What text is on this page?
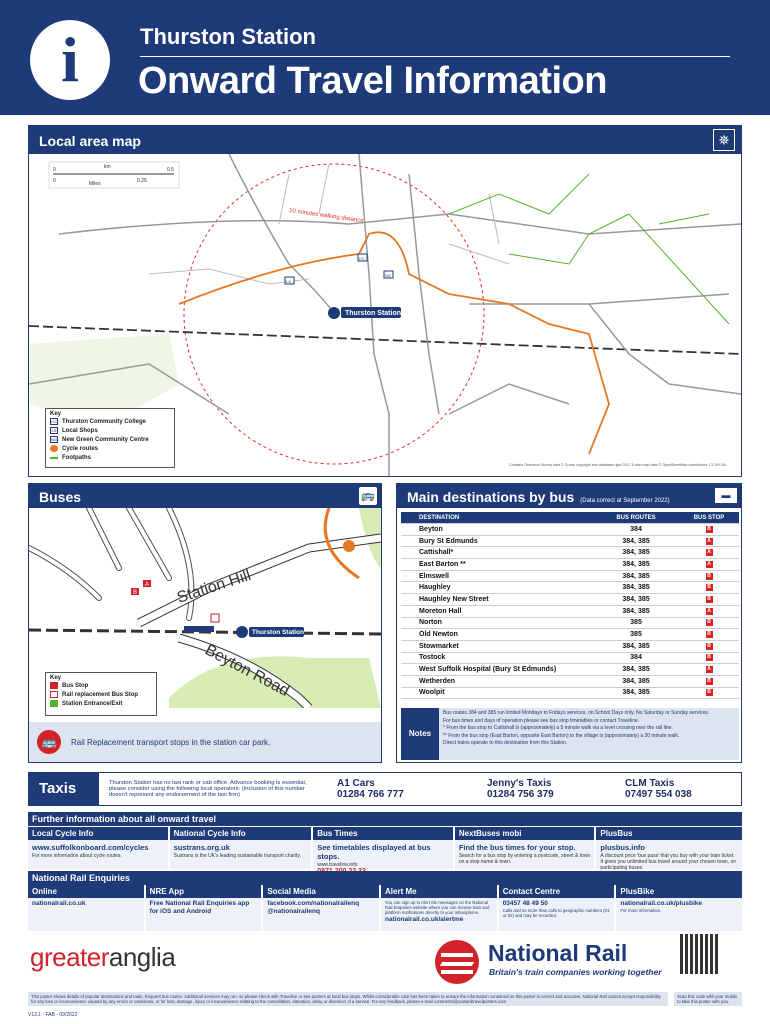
i	Thurston Station
Onward Travel Information
Local area map	✵
CC
NG
LS
Thurston Station
10 minutes walking distance
0	km	0.5
0	Miles	0.25
Contains Ordnance Survey data © Crown copyright and database right 2017 & also map data © OpenStreetMap contributors, CC BY-SA
Key
CC Thurston Community College
LS Local Shops
NG New Green Community Centre
Cycle routes
Footpaths
Buses	🚌
Thurston Station
Station Hill
Beyton Road
A
B
Key
Bus Stop
Rail replacement Bus Stop
Station Entrance/Exit
🚌	Rail Replacement transport stops in the station car park.
Main destinations by bus (Data correct at September 2022)
▬
DESTINATION	BUS ROUTES	BUS STOP
Beyton	384	B
Bury St Edmunds	384, 385	A
Cattishall*	384, 385	A
East Barton **	384, 385	A
Elmswell	384, 385	B
Haughley	384, 385	B
Haughley New Street	384, 385	B
Moreton Hall	384, 385	A
Norton	385	B
Old Newton	385	B
Stowmarket	384, 385	B
Tostock	384	B
West Suffolk Hospital (Bury St Edmunds)	384, 385	A
Wetherden	384, 385	B
Woolpit	384, 385	B
Notes
Bus routes 384 and 385 run limited Mondays to Fridays services, on School Days only. No Saturday or Sunday services.
For bus times and days of operation please see bus stop timetables or contact Traveline.
* From the bus stop to Cattishall is (approximately) a 5 minute walk via a level crossing over the rail line.
** From the bus stop (East Barton, opposite East Barton) to the village is (approximately) a 20 minute walk.
Direct trains operate to this destination from this Station.
Taxis	Thurston Station has no taxi rank or cab office. Advance booking is essential, please consider using the following local operators: (Inclusion of this number doesn't represent any endorsement of the taxi firm)
A1 Cars
01284 766 777
Jenny's Taxis
01284 756 379
CLM Taxis
07497 554 038
Further information about all onward travel
Local Cycle Info
www.suffolkonboard.com/cycles
For more information about cycle routes.
National Cycle Info
sustrans.org.uk
Sustrans is the UK's leading sustainable transport charity.
Bus Times
See timetables displayed at bus stops.
www.traveline.info
NextBuses mobi
Find the bus times for your stop.
Search for a bus stop by entering a postcode, street & town on a stop name & town.
PlusBus
plusbus.info
A discount price 'bus pass' that you buy with your train ticket. It gives you unlimited bus travel around your chosen town, on participating buses.
National Rail Enquiries
Online
nationalrail.co.uk
NRE App
Free National Rail Enquiries app
for iOS and Android
Social Media
facebook.com/nationalrailenq
@nationalrailenq
Alert Me
You can sign up to Alert Me messages on the National Rail Enquiries website where you can receive train and platform notifications directly to your inbox/phone.
nationalrail.co.uk/alertme
Contact Centre
03457 48 49 50
Calls and no more than calls to geographic numbers (01 or 02) and may be recorded.
PlusBike
nationalrail.co.uk/plusbike
For more information.
greateranglia	National Rail
Britain's train companies working together
This poster shows details of popular destinations and main, frequent bus routes. Additional services may run, so please check with Traveline or see posters at local bus stops. Whilst considerable care has been taken to ensure the information contained on this poster is correct and accurate, National Rail cannot accept responsibility for any loss or inconvenience caused by any errors or omissions, or for loss, damage, injury or inconvenience relating to the cancellation, alteration, delay or diversion of a service. For any feedback, please e-mail comments@onwardtravelposters.com
Scan this code with your mobile to take this poster with you.
V13.1 - FAB - 09/2022
